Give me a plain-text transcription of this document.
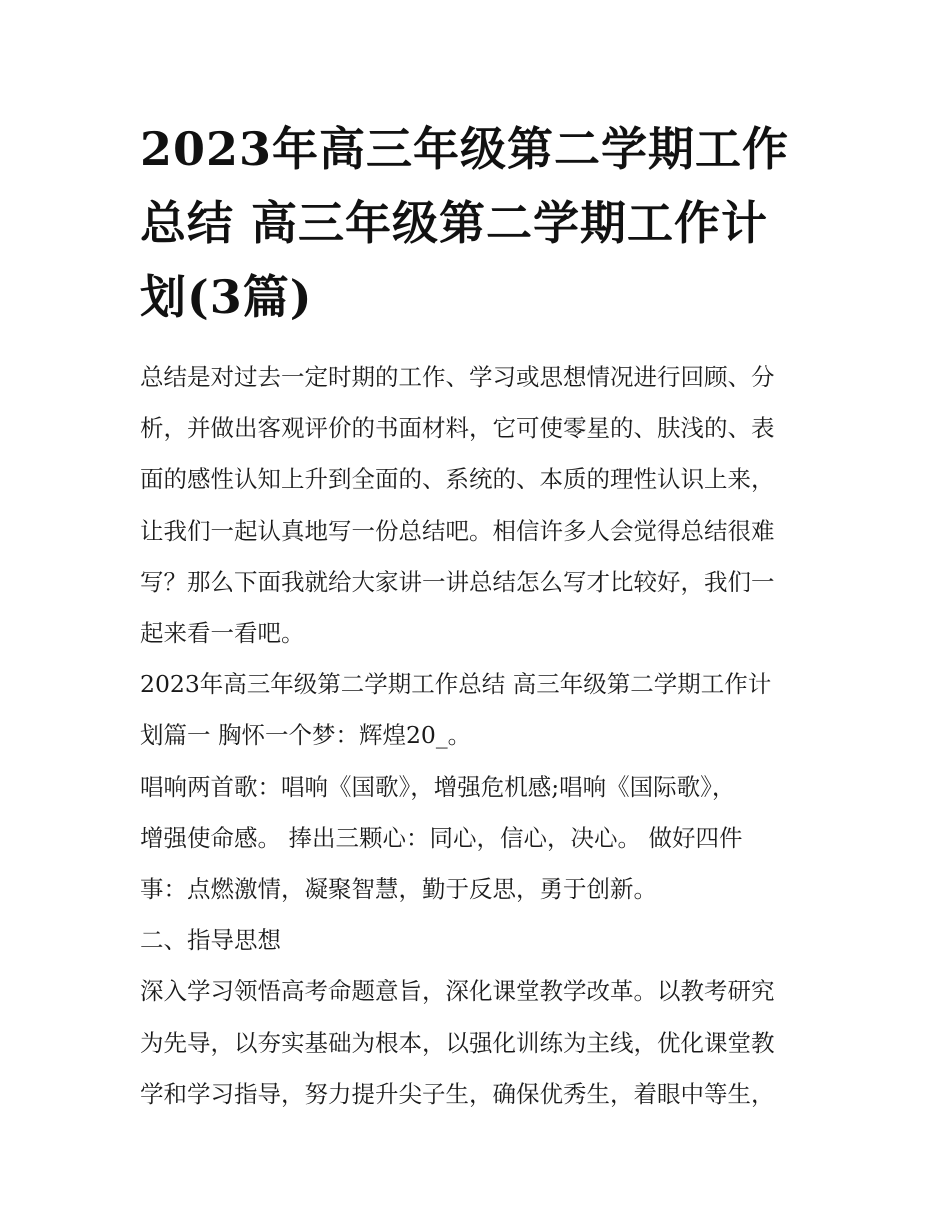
2023年高三年级第二学期工作
总结 高三年级第二学期工作计
划(3篇)

总结是对过去一定时期的工作、学习或思想情况进行回顾、分
析，并做出客观评价的书面材料，它可使零星的、肤浅的、表
面的感性认知上升到全面的、系统的、本质的理性认识上来，
让我们一起认真地写一份总结吧。相信许多人会觉得总结很难
写？那么下面我就给大家讲一讲总结怎么写才比较好，我们一
起来看一看吧。

2023年高三年级第二学期工作总结 高三年级第二学期工作计
划篇一 胸怀一个梦：辉煌20_。

唱响两首歌：唱响《国歌》，增强危机感;唱响《国际歌》，
增强使命感。 捧出三颗心：同心，信心，决心。 做好四件
事：点燃激情，凝聚智慧，勤于反思，勇于创新。

二、指导思想

深入学习领悟高考命题意旨，深化课堂教学改革。以教考研究
为先导，以夯实基础为根本，以强化训练为主线，优化课堂教
学和学习指导，努力提升尖子生，确保优秀生，着眼中等生，
